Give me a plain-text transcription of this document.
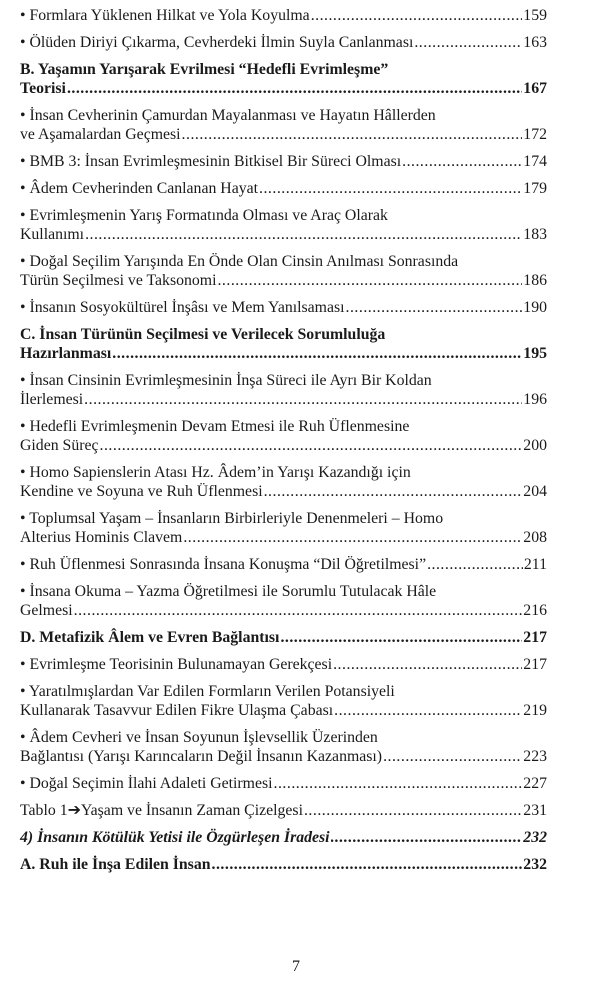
• Formlara Yüklenen Hilkat ve Yola Koyulma .....	159
• Ölüden Diriyi Çıkarma, Cevherdeki İlmin Suyla Canlanması .....	163
B. Yaşamın Yarışarak Evrilmesi “Hedefli Evrimleşme”
Teorisi .....	167
• İnsan Cevherinin Çamurdan Mayalanması ve Hayatın Hâllerden
ve Aşamalardan Geçmesi .....	172
• BMB 3: İnsan Evrimleşmesinin Bitkisel Bir Süreci Olması .....	174
• Âdem Cevherinden Canlanan Hayat .....	179
• Evrimleşmenin Yarış Formatında Olması ve Araç Olarak
Kullanımı .....	183
• Doğal Seçilim Yarışında En Önde Olan Cinsin Anılması Sonrasında
Türün Seçilmesi ve Taksonomi .....	186
• İnsanın Sosyokültürel İnşâsı ve Mem Yanılsaması .....	190
C. İnsan Türünün Seçilmesi ve Verilecek Sorumluluğa
Hazırlanması .....	195
• İnsan Cinsinin Evrimleşmesinin İnşa Süreci ile Ayrı Bir Koldan
İlerlemesi .....	196
• Hedefli Evrimleşmenin Devam Etmesi ile Ruh Üflenmesine
Giden Süreç .....	200
• Homo Sapienslerin Atası Hz. Âdem’in Yarışı Kazandığı için
Kendine ve Soyuna ve Ruh Üflenmesi .....	204
• Toplumsal Yaşam – İnsanların Birbirleriyle Denenmeleri – Homo
Alterius Hominis Clavem .....	208
• Ruh Üflenmesi Sonrasında İnsana Konuşma “Dil Öğretilmesi” .....	211
• İnsana Okuma – Yazma Öğretilmesi ile Sorumlu Tutulacak Hâle
Gelmesi .....	216
D. Metafizik Âlem ve Evren Bağlantısı .....	217
• Evrimleşme Teorisinin Bulunamayan Gerekçesi .....	217
• Yaratılmışlardan Var Edilen Formların Verilen Potansiyeli
Kullanarak Tasavvur Edilen Fikre Ulaşma Çabası .....	219
• Âdem Cevheri ve İnsan Soyunun İşlevsellik Üzerinden
Bağlantısı (Yarışı Karıncaların Değil İnsanın Kazanması) .....	223
• Doğal Seçimin İlahi Adaleti Getirmesi .....	227
Tablo 1➔Yaşam ve İnsanın Zaman Çizelgesi .....	231
4) İnsanın Kötülük Yetisi ile Özgürleşen İradesi .....	232
A. Ruh ile İnşa Edilen İnsan .....	232
7
